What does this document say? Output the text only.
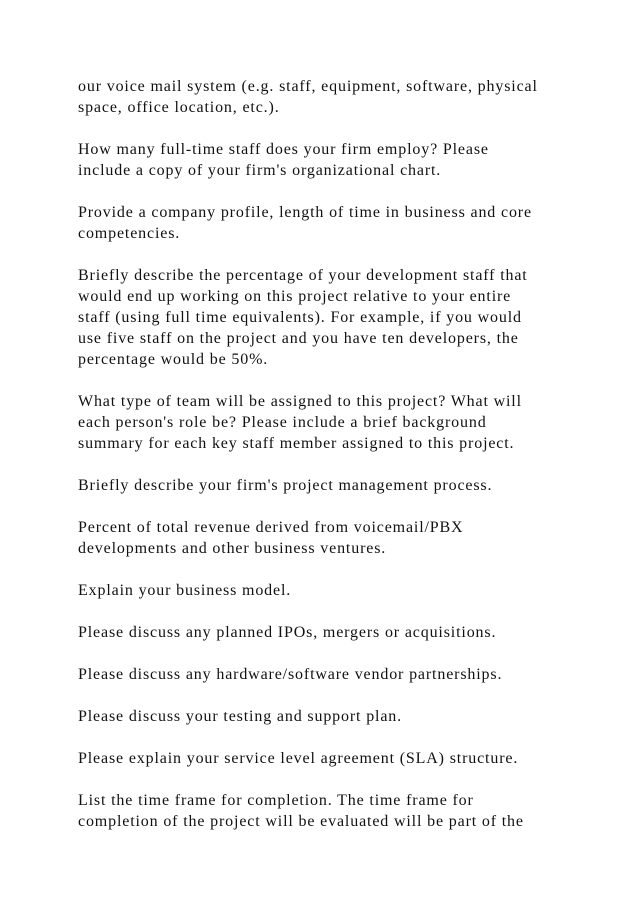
our voice mail system (e.g. staff, equipment, software, physical
space, office location, etc.).

How many full-time staff does your firm employ? Please
include a copy of your firm's organizational chart.

Provide a company profile, length of time in business and core
competencies.

Briefly describe the percentage of your development staff that
would end up working on this project relative to your entire
staff (using full time equivalents). For example, if you would
use five staff on the project and you have ten developers, the
percentage would be 50%.

What type of team will be assigned to this project? What will
each person's role be? Please include a brief background
summary for each key staff member assigned to this project.

Briefly describe your firm's project management process.

Percent of total revenue derived from voicemail/PBX
developments and other business ventures.

Explain your business model.

Please discuss any planned IPOs, mergers or acquisitions.

Please discuss any hardware/software vendor partnerships.

Please discuss your testing and support plan.

Please explain your service level agreement (SLA) structure.

List the time frame for completion. The time frame for
completion of the project will be evaluated will be part of the
